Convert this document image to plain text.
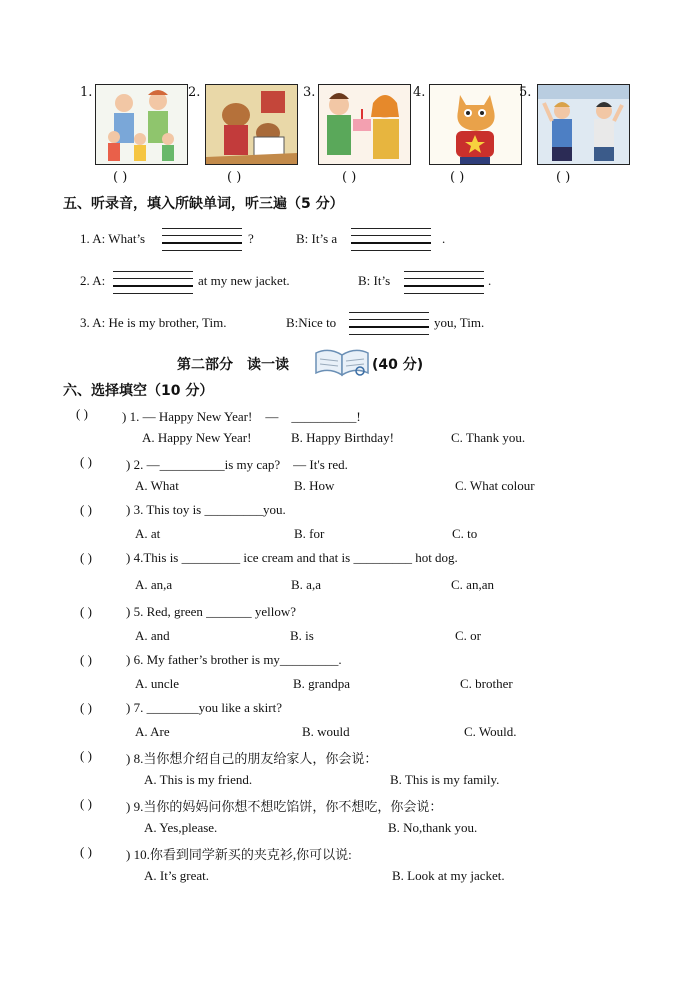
1.	2.	3.	4.	5.
( )	( )	( )	( )	( )
五、听录音，填入所缺单词，听三遍（5 分）
1. A: What’s	?	B: It’s a	.
2. A:	at my new jacket.	B: It’s	.
3. A: He is my brother, Tim.	B:Nice to	you, Tim.
第二部分　读一读	(40 分)
六、选择填空（10 分）
( )	) 1. — Happy New Year!　—　__________!
A. Happy New Year!	B. Happy Birthday!	C. Thank you.
( )	) 2. —__________is my cap?　— It's red.
A. What	B. How	C. What colour
( )	) 3. This toy is _________you.
A. at	B. for	C. to
( )	) 4.This is _________ ice cream and that is _________ hot dog.
A. an,a	B. a,a	C. an,an
( )	) 5. Red, green _______ yellow?
A. and	B. is	C. or
( )	) 6. My father’s brother is my_________.
A. uncle	B. grandpa	C. brother
( )	) 7. ________you like a skirt?
A. Are	B. would	C. Would.
( )	) 8.当你想介绍自己的朋友给家人，你会说：
A. This is my friend.	B. This is my family.
( )	) 9.当你的妈妈问你想不想吃馅饼，你不想吃，你会说：
A. Yes,please.	B. No,thank you.
( )	) 10.你看到同学新买的夹克衫,你可以说:
A. It’s great.	B. Look at my jacket.
